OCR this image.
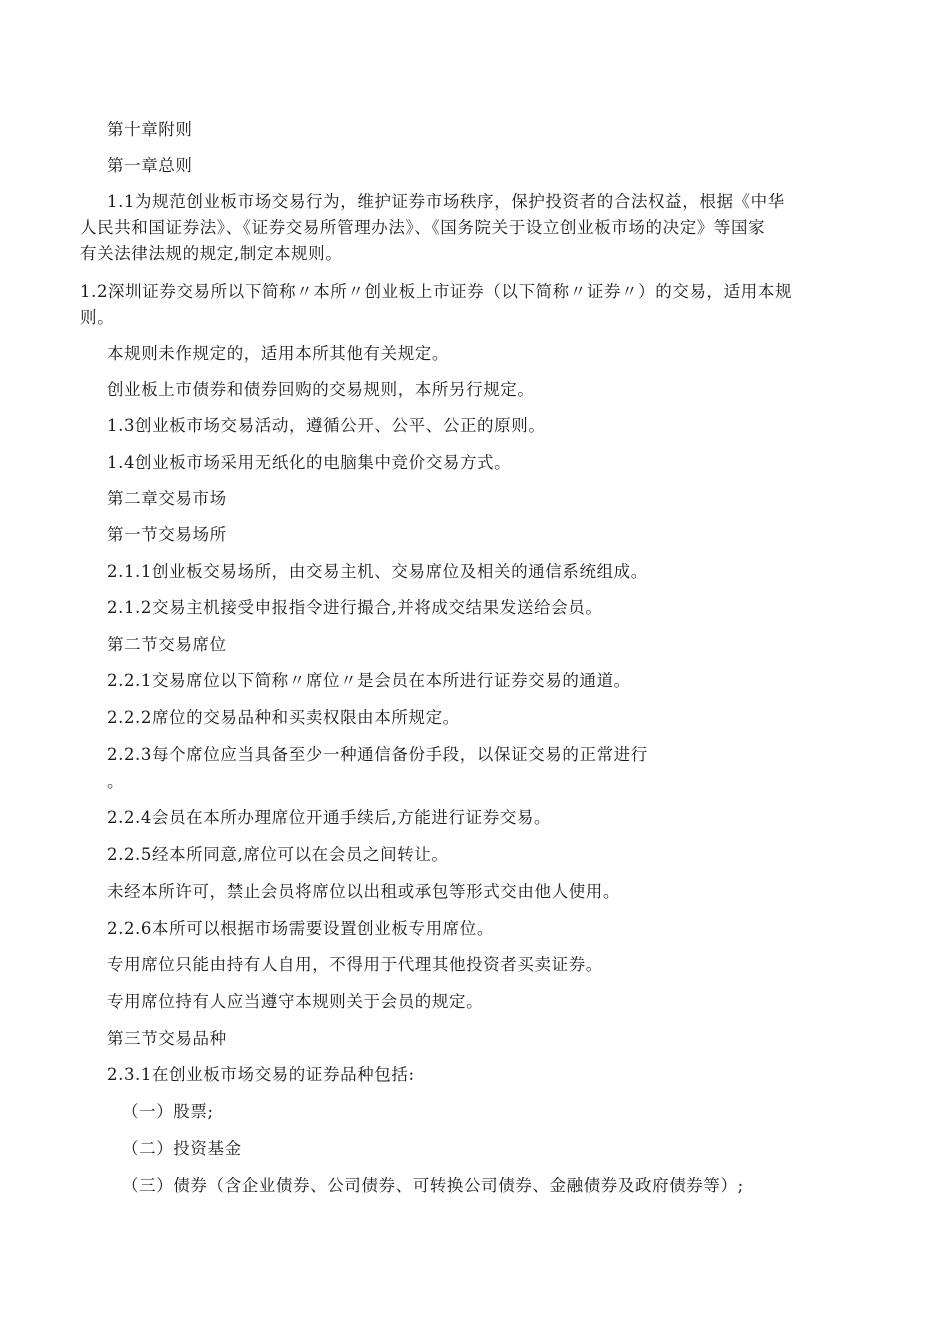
第十章附则
第一章总则
1.1为规范创业板市场交易行为，维护证券市场秩序，保护投资者的合法权益，根据《中华
人民共和国证券法》、《证券交易所管理办法》、《国务院关于设立创业板市场的决定》等国家
有关法律法规的规定,制定本规则。
1.2深圳证券交易所以下简称〃本所〃创业板上市证券（以下简称〃证券〃）的交易，适用本规
则。
本规则未作规定的，适用本所其他有关规定。
创业板上市债券和债券回购的交易规则，本所另行规定。
1.3创业板市场交易活动，遵循公开、公平、公正的原则。
1.4创业板市场采用无纸化的电脑集中竞价交易方式。
第二章交易市场
第一节交易场所
2.1.1创业板交易场所，由交易主机、交易席位及相关的通信系统组成。
2.1.2交易主机接受申报指令进行撮合,并将成交结果发送给会员。
第二节交易席位
2.2.1交易席位以下简称〃席位〃是会员在本所进行证券交易的通道。
2.2.2席位的交易品种和买卖权限由本所规定。
2.2.3每个席位应当具备至少一种通信备份手段，以保证交易的正常进行
。
2.2.4会员在本所办理席位开通手续后,方能进行证券交易。
2.2.5经本所同意,席位可以在会员之间转让。
未经本所许可，禁止会员将席位以出租或承包等形式交由他人使用。
2.2.6本所可以根据市场需要设置创业板专用席位。
专用席位只能由持有人自用，不得用于代理其他投资者买卖证券。
专用席位持有人应当遵守本规则关于会员的规定。
第三节交易品种
2.3.1在创业板市场交易的证券品种包括:
（一）股票;
（二）投资基金
（三）债券（含企业债券、公司债券、可转换公司债券、金融债券及政府债券等）;
